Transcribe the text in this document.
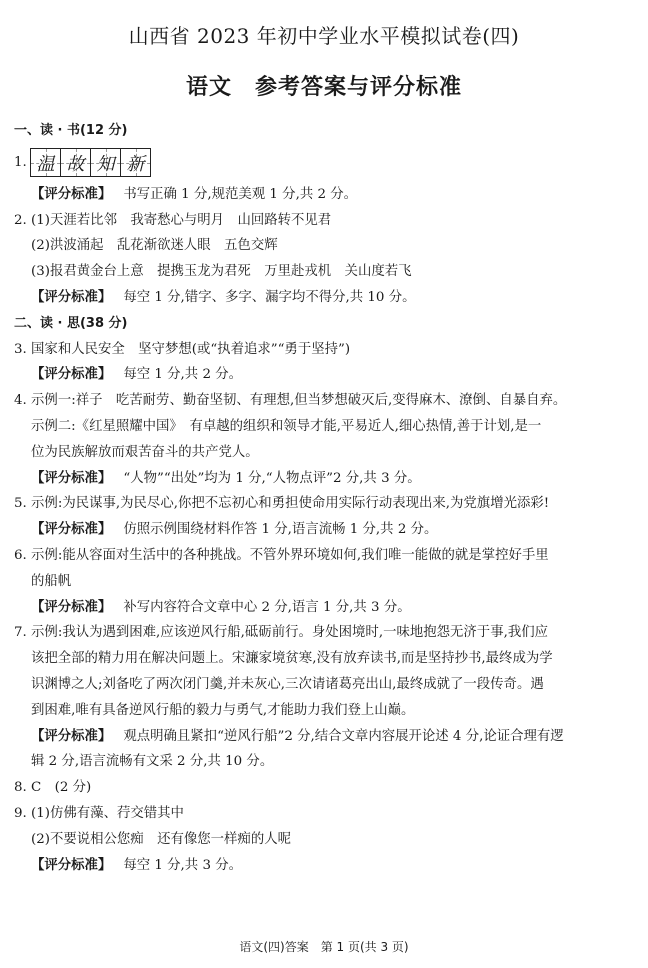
山西省 2023 年初中学业水平模拟试卷(四)
语文　参考答案与评分标准
一、读 · 书(12 分)
1. 温 故 知 新
【评分标准】 书写正确 1 分,规范美观 1 分,共 2 分。
2. (1)天涯若比邻　我寄愁心与明月　山回路转不见君
(2)洪波涌起　乱花渐欲迷人眼　五色交辉
(3)报君黄金台上意　提携玉龙为君死　万里赴戎机　关山度若飞
【评分标准】 每空 1 分,错字、多字、漏字均不得分,共 10 分。
二、读 · 思(38 分)
3. 国家和人民安全　坚守梦想(或“执着追求”“勇于坚持”)
【评分标准】 每空 1 分,共 2 分。
4. 示例一:祥子　吃苦耐劳、勤奋坚韧、有理想,但当梦想破灭后,变得麻木、潦倒、自暴自弃。
示例二:《红星照耀中国》　有卓越的组织和领导才能,平易近人,细心热情,善于计划,是一
位为民族解放而艰苦奋斗的共产党人。
【评分标准】 “人物”“出处”均为 1 分,“人物点评”2 分,共 3 分。
5. 示例:为民谋事,为民尽心,你把不忘初心和勇担使命用实际行动表现出来,为党旗增光添彩!
【评分标准】 仿照示例围绕材料作答 1 分,语言流畅 1 分,共 2 分。
6. 示例:能从容面对生活中的各种挑战。不管外界环境如何,我们唯一能做的就是掌控好手里
的船帆
【评分标准】 补写内容符合文章中心 2 分,语言 1 分,共 3 分。
7. 示例:我认为遇到困难,应该逆风行船,砥砺前行。身处困境时,一味地抱怨无济于事,我们应
该把全部的精力用在解决问题上。宋濂家境贫寒,没有放弃读书,而是坚持抄书,最终成为学
识渊博之人;刘备吃了两次闭门羹,并未灰心,三次请诸葛亮出山,最终成就了一段传奇。遇
到困难,唯有具备逆风行船的毅力与勇气,才能助力我们登上山巅。
【评分标准】 观点明确且紧扣“逆风行船”2 分,结合文章内容展开论述 4 分,论证合理有逻
辑 2 分,语言流畅有文采 2 分,共 10 分。
8. C　(2 分)
9. (1)仿佛有藻、荇交错其中
(2)不要说相公您痴　还有像您一样痴的人呢
【评分标准】 每空 1 分,共 3 分。
语文(四)答案　第 1 页(共 3 页)
